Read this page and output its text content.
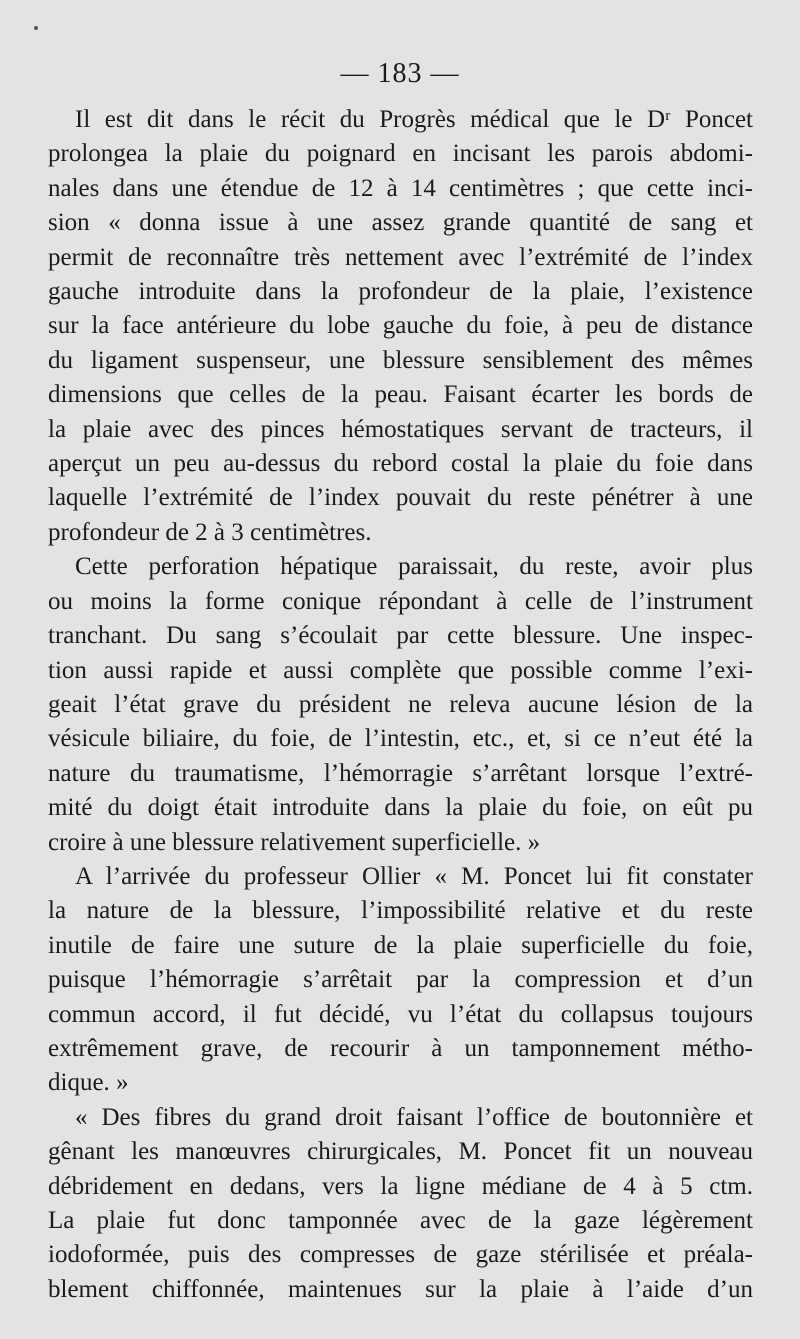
— 183 —
Il est dit dans le récit du Progrès médical que le Dʳ Poncet
prolongea la plaie du poignard en incisant les parois abdomi-
nales dans une étendue de 12 à 14 centimètres ; que cette inci-
sion « donna issue à une assez grande quantité de sang et
permit de reconnaître très nettement avec l’extrémité de l’index
gauche introduite dans la profondeur de la plaie, l’existence
sur la face antérieure du lobe gauche du foie, à peu de distance
du ligament suspenseur, une blessure sensiblement des mêmes
dimensions que celles de la peau. Faisant écarter les bords de
la plaie avec des pinces hémostatiques servant de tracteurs, il
aperçut un peu au-dessus du rebord costal la plaie du foie dans
laquelle l’extrémité de l’index pouvait du reste pénétrer à une
profondeur de 2 à 3 centimètres.
Cette perforation hépatique paraissait, du reste, avoir plus
ou moins la forme conique répondant à celle de l’instrument
tranchant. Du sang s’écoulait par cette blessure. Une inspec-
tion aussi rapide et aussi complète que possible comme l’exi-
geait l’état grave du président ne releva aucune lésion de la
vésicule biliaire, du foie, de l’intestin, etc., et, si ce n’eut été la
nature du traumatisme, l’hémorragie s’arrêtant lorsque l’extré-
mité du doigt était introduite dans la plaie du foie, on eût pu
croire à une blessure relativement superficielle. »
A l’arrivée du professeur Ollier « M. Poncet lui fit constater
la nature de la blessure, l’impossibilité relative et du reste
inutile de faire une suture de la plaie superficielle du foie,
puisque l’hémorragie s’arrêtait par la compression et d’un
commun accord, il fut décidé, vu l’état du collapsus toujours
extrêmement grave, de recourir à un tamponnement métho-
dique. »
« Des fibres du grand droit faisant l’office de boutonnière et
gênant les manœuvres chirurgicales, M. Poncet fit un nouveau
débridement en dedans, vers la ligne médiane de 4 à 5 ctm.
La plaie fut donc tamponnée avec de la gaze légèrement
iodoformée, puis des compresses de gaze stérilisée et préala-
blement chiffonnée, maintenues sur la plaie à l’aide d’un
